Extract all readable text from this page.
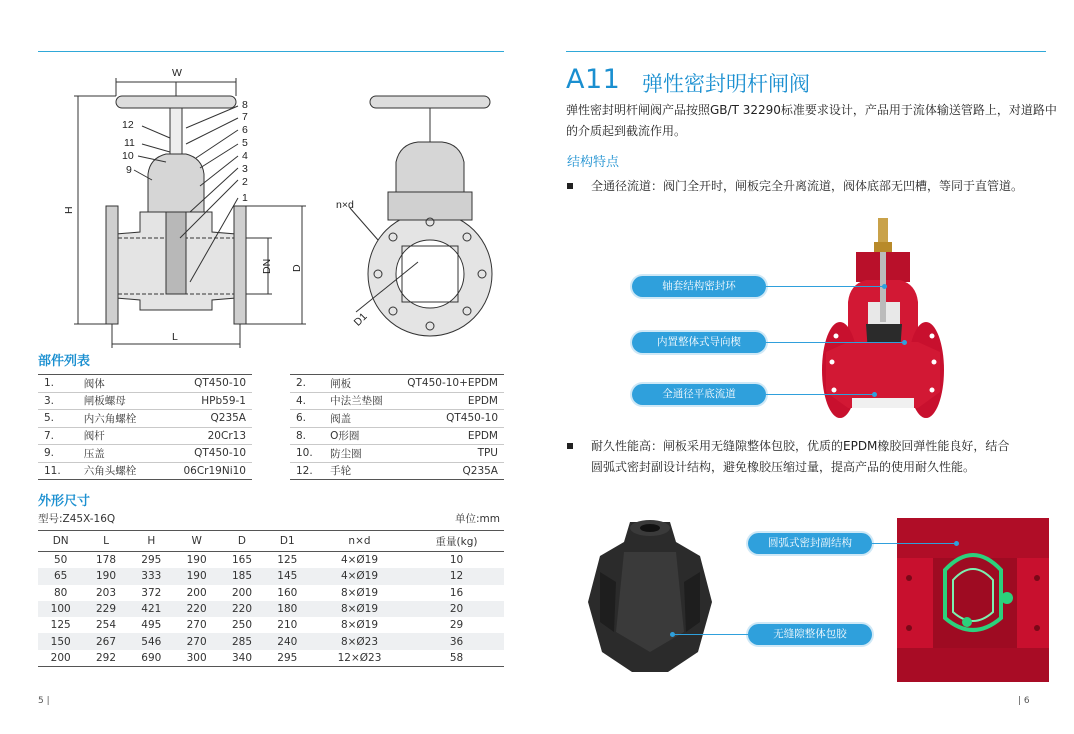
W
H
L
DN D
n×d
D1
12
11
10
9
8
7
6
5
4
3
2
1
部件列表
1.	阀体	QT450-10
3.	闸板螺母	HPb59-1
5.	内六角螺栓	Q235A
7.	阀杆	20Cr13
9.	压盖	QT450-10
11.	六角头螺栓	06Cr19Ni10
2.	闸板	QT450-10+EPDM
4.	中法兰垫圈	EPDM
6.	阀盖	QT450-10
8.	O形圈	EPDM
10.	防尘圈	TPU
12.	手轮	Q235A
外形尺寸
型号:Z45X-16Q	单位:mm
DN	L	H	W	D	D1	n×d	重量(kg)
50	178	295	190	165	125	4×Ø19	10
65	190	333	190	185	145	4×Ø19	12
80	203	372	200	200	160	8×Ø19	16
100	229	421	220	220	180	8×Ø19	20
125	254	495	270	250	210	8×Ø19	29
150	267	546	270	285	240	8×Ø23	36
200	292	690	300	340	295	12×Ø23	58
5 |
A11 弹性密封明杆闸阀
弹性密封明杆闸阀产品按照GB/T 32290标准要求设计，产品用于流体输送管路上，对道路中的介质起到截流作用。
结构特点
全通径流道：阀门全开时，闸板完全升离流道，阀体底部无凹槽，等同于直管道。
轴套结构密封环
内置整体式导向楔
全通径平底流道
耐久性能高：闸板采用无缝隙整体包胶，优质的EPDM橡胶回弹性能良好，结合
圆弧式密封副设计结构，避免橡胶压缩过量，提高产品的使用耐久性能。
圆弧式密封副结构
无缝隙整体包胶
| 6
